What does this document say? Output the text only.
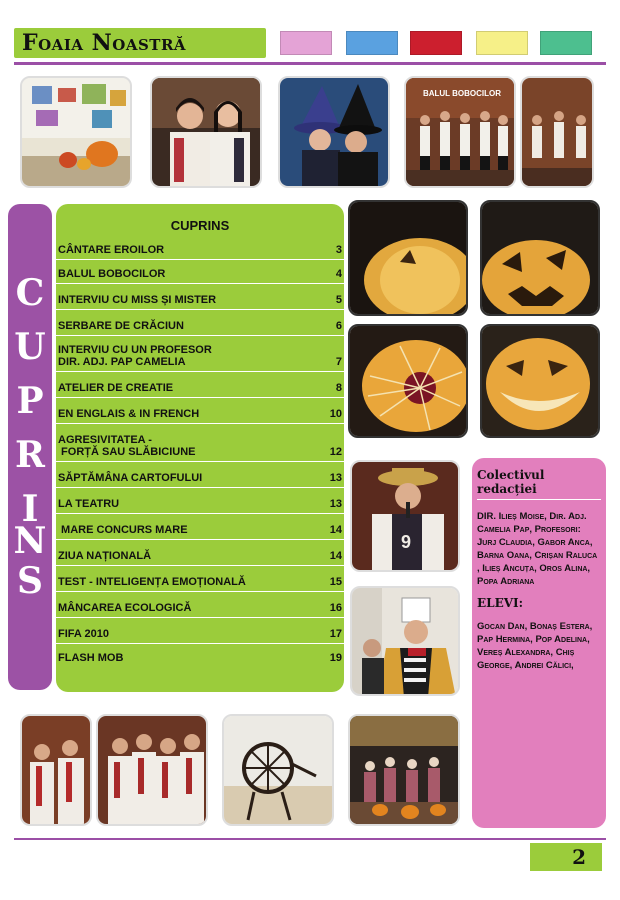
Foaia Noastră
BALUL BOBOCILOR
C
U
P
R
I
N
S
CUPRINS
CÂNTARE EROILOR	3
BALUL BOBOCILOR	4
INTERVIU CU MISS ȘI MISTER	5
SERBARE DE CRĂCIUN	6
INTERVIU CU UN PROFESOR
DIR. ADJ. PAP CAMELIA	7
ATELIER DE CREATIE	8
EN ENGLAIS & IN FRENCH	10
AGRESIVITATEA -
FORȚĂ SAU SLĂBICIUNE	12
SĂPTĂMÂNA CARTOFULUI	13
LA TEATRU	13
MARE CONCURS MARE	14
ZIUA NAȚIONALĂ	14
TEST - INTELIGENȚA EMOȚIONALĂ	15
MÂNCAREA ECOLOGICĂ	16
FIFA 2010	17
FLASH MOB	19
9
Colectivul redacției
DIR. Ilieș Moise, Dir. Adj. Camelia Pap, Profesori: Jurj Claudia, Gabor Anca, Barna Oana, Crișan Raluca , Ilieș Ancuța, Oros Alina, Popa Adriana
ELEVI:
Gocan Dan, Bonaș Estera, Pap Hermina, Pop Adelina, Vereș Alexandra, Chiș George, Andrei Călici,
2
